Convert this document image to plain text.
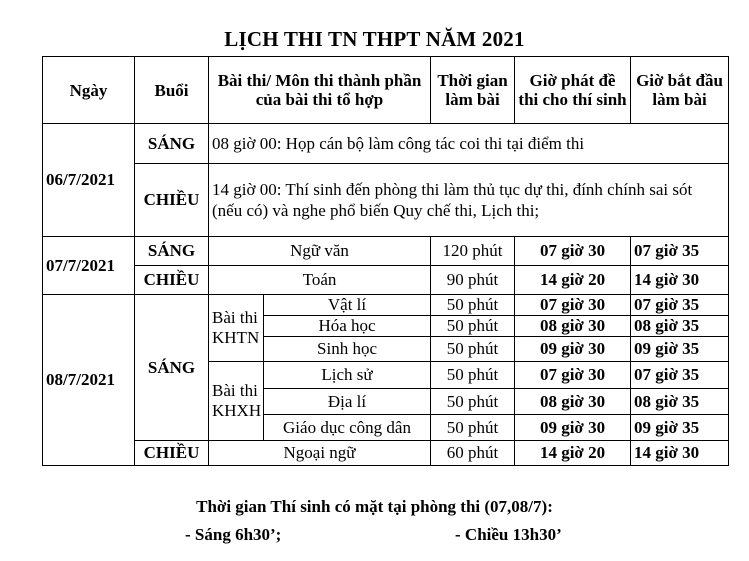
LỊCH THI TN THPT NĂM 2021
Ngày	Buổi	Bài thi/ Môn thi thành phần của bài thi tổ hợp		Thời gian làm bài	Giờ phát đề thi cho thí sinh	Giờ bắt đầu làm bài
06/7/2021	SÁNG	08 giờ 00: Họp cán bộ làm công tác coi thi tại điểm thi				
	CHIỀU	14 giờ 00: Thí sinh đến phòng thi làm thủ tục dự thi, đính chính sai sót (nếu có) và nghe phổ biến Quy chế thi, Lịch thi;				
07/7/2021	SÁNG	Ngữ văn		120 phút	07 giờ 30	07 giờ 35
	CHIỀU	Toán		90 phút	14 giờ 20	14 giờ 30
08/7/2021	SÁNG	Bài thi KHTN	Vật lí	50 phút	07 giờ 30	07 giờ 35
			Hóa học	50 phút	08 giờ 30	08 giờ 35
			Sinh học	50 phút	09 giờ 30	09 giờ 35
		Bài thi KHXH	Lịch sử	50 phút	07 giờ 30	07 giờ 35
			Địa lí	50 phút	08 giờ 30	08 giờ 35
			Giáo dục công dân	50 phút	09 giờ 30	09 giờ 35
	CHIỀU	Ngoại ngữ		60 phút	14 giờ 20	14 giờ 30
Thời gian Thí sinh có mặt tại phòng thi (07,08/7):
- Sáng 6h30’;	- Chiều 13h30’
